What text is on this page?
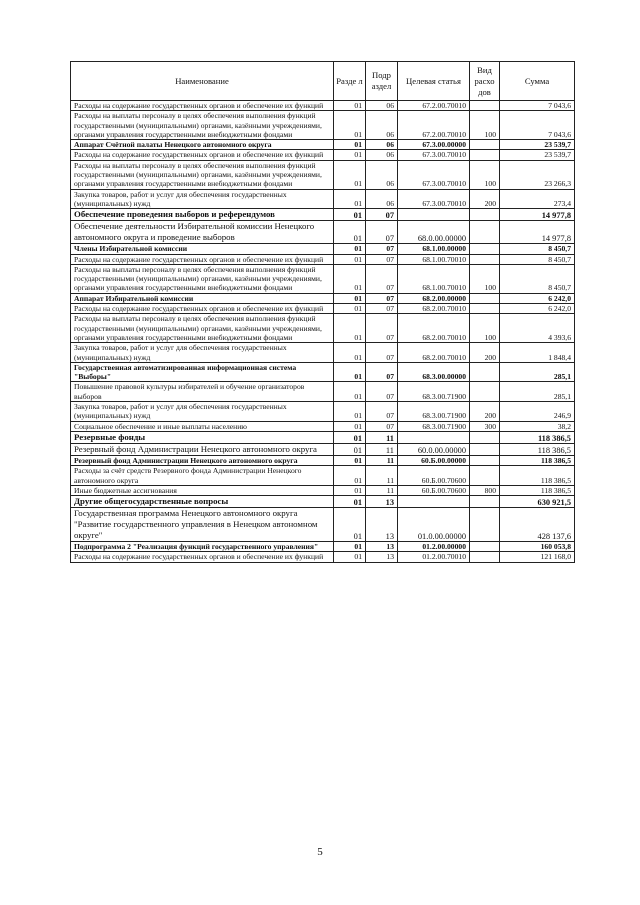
Наименование	Разде л	Подр аздел	Целевая статья	Вид расхо дов	Сумма
Расходы на содержание государственных органов и обеспечение их функций	01	06	67.2.00.70010		7 043,6
Расходы на выплаты персоналу в целях обеспечения выполнения функций государственными (муниципальными) органами, казёнными учреждениями, органами управления государственными внебюджетными фондами	01	06	67.2.00.70010	100	7 043,6
Аппарат Счётной палаты Ненецкого автономного округа	01	06	67.3.00.00000		23 539,7
Расходы на содержание государственных органов и обеспечение их функций	01	06	67.3.00.70010		23 539,7
Расходы на выплаты персоналу в целях обеспечения выполнения функций государственными (муниципальными) органами, казёнными учреждениями, органами управления государственными внебюджетными фондами	01	06	67.3.00.70010	100	23 266,3
Закупка товаров, работ и услуг для обеспечения государственных (муниципальных) нужд	01	06	67.3.00.70010	200	273,4
Обеспечение проведения выборов и референдумов	01	07			14 977,8
Обеспечение деятельности Избирательной комиссии Ненецкого автономного округа и проведение выборов	01	07	68.0.00.00000		14 977,8
Члены Избирательной комиссии	01	07	68.1.00.00000		8 450,7
Расходы на содержание государственных органов и обеспечение их функций	01	07	68.1.00.70010		8 450,7
Расходы на выплаты персоналу в целях обеспечения выполнения функций государственными (муниципальными) органами, казёнными учреждениями, органами управления государственными внебюджетными фондами	01	07	68.1.00.70010	100	8 450,7
Аппарат Избирательной комиссии	01	07	68.2.00.00000		6 242,0
Расходы на содержание государственных органов и обеспечение их функций	01	07	68.2.00.70010		6 242,0
Расходы на выплаты персоналу в целях обеспечения выполнения функций государственными (муниципальными) органами, казёнными учреждениями, органами управления государственными внебюджетными фондами	01	07	68.2.00.70010	100	4 393,6
Закупка товаров, работ и услуг для обеспечения государственных (муниципальных) нужд	01	07	68.2.00.70010	200	1 848,4
Государственная автоматизированная информационная система "Выборы"	01	07	68.3.00.00000		285,1
Повышение правовой культуры избирателей и обучение организаторов выборов	01	07	68.3.00.71900		285,1
Закупка товаров, работ и услуг для обеспечения государственных (муниципальных) нужд	01	07	68.3.00.71900	200	246,9
Социальное обеспечение и иные выплаты населению	01	07	68.3.00.71900	300	38,2
Резервные фонды	01	11			118 386,5
Резервный фонд Администрации Ненецкого автономного округа	01	11	60.0.00.00000		118 386,5
Резервный фонд Администрации Ненецкого автономного округа	01	11	60.Б.00.00000		118 386,5
Расходы за счёт средств Резервного фонда Администрации Ненецкого автономного округа	01	11	60.Б.00.70600		118 386,5
Иные бюджетные ассигнования	01	11	60.Б.00.70600	800	118 386,5
Другие общегосударственные вопросы	01	13			630 921,5
Государственная программа Ненецкого автономного округа "Развитие государственного управления в Ненецком автономном округе"	01	13	01.0.00.00000		428 137,6
Подпрограмма 2 "Реализация функций государственного управления"	01	13	01.2.00.00000		160 053,8
Расходы на содержание государственных органов и обеспечение их функций	01	13	01.2.00.70010		121 168,0
5
